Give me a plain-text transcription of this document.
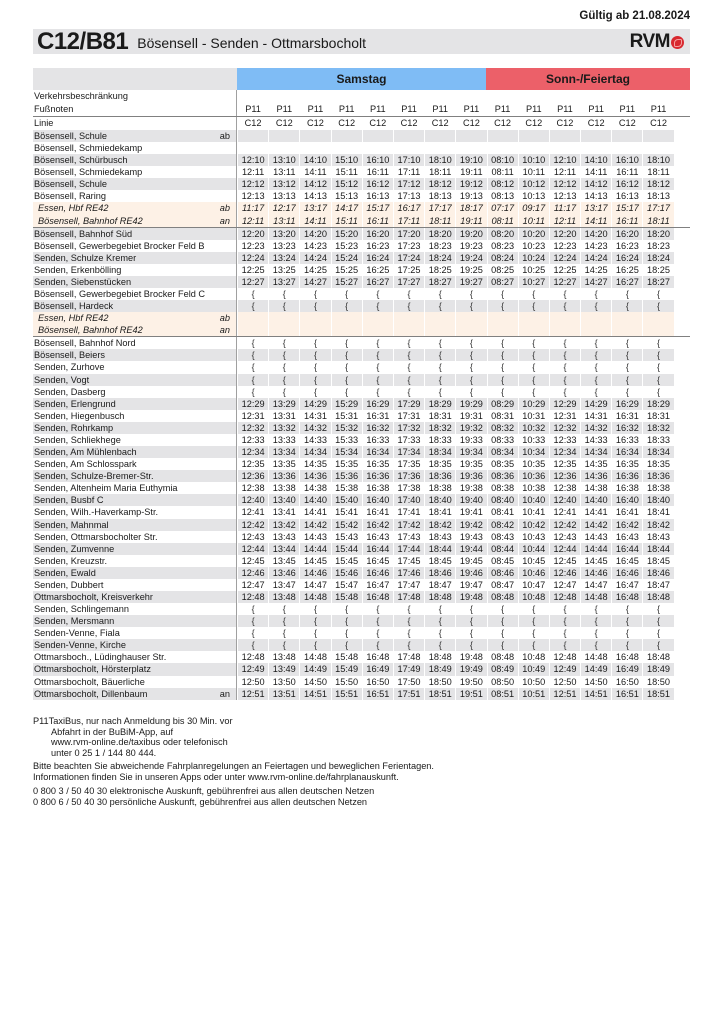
Gültig ab 21.08.2024
C12/B81 Bösensell - Senden - Ottmarsbocholt	RVM
Samstag	Sonn-/Feiertag
Verkehrsbeschränkung
Fußnoten	P11	P11	P11	P11	P11	P11	P11	P11	P11	P11	P11	P11	P11	P11
Linie	C12	C12	C12	C12	C12	C12	C12	C12	C12	C12	C12	C12	C12	C12
Bösensell, Schule	ab
Bösensell, Schmiedekamp
Bösensell, Schürbusch	12:10 13:10 14:10 15:10 16:10 17:10 18:10 19:10 08:10 10:10 12:10 14:10 16:10 18:10
Bösensell, Schmiedekamp	12:11 13:11 14:11 15:11 16:11 17:11 18:11 19:11 08:11 10:11 12:11 14:11 16:11 18:11
Bösensell, Schule	12:12 13:12 14:12 15:12 16:12 17:12 18:12 19:12 08:12 10:12 12:12 14:12 16:12 18:12
Bösensell, Raring	12:13 13:13 14:13 15:13 16:13 17:13 18:13 19:13 08:13 10:13 12:13 14:13 16:13 18:13
Essen, Hbf RE42	ab	11:17 12:17 13:17 14:17 15:17 16:17 17:17 18:17 07:17 09:17 11:17 13:17 15:17 17:17
Bösensell, Bahnhof RE42	an	12:11 13:11 14:11 15:11 16:11 17:11 18:11 19:11 08:11 10:11 12:11 14:11 16:11 18:11
Bösensell, Bahnhof Süd	12:20 13:20 14:20 15:20 16:20 17:20 18:20 19:20 08:20 10:20 12:20 14:20 16:20 18:20
Bösensell, Gewerbegebiet Brocker Feld B	12:23 13:23 14:23 15:23 16:23 17:23 18:23 19:23 08:23 10:23 12:23 14:23 16:23 18:23
Senden, Schulze Kremer	12:24 13:24 14:24 15:24 16:24 17:24 18:24 19:24 08:24 10:24 12:24 14:24 16:24 18:24
Senden, Erkenbölling	12:25 13:25 14:25 15:25 16:25 17:25 18:25 19:25 08:25 10:25 12:25 14:25 16:25 18:25
Senden, Siebenstücken	12:27 13:27 14:27 15:27 16:27 17:27 18:27 19:27 08:27 10:27 12:27 14:27 16:27 18:27
Bösensell, Gewerbegebiet Brocker Feld C	{	{	{	{	{	{	{	{	{	{	{	{	{	{
Bösensell, Hardeck	{	{	{	{	{	{	{	{	{	{	{	{	{	{
Essen, Hbf RE42	ab
Bösensell, Bahnhof RE42	an
Bösensell, Bahnhof Nord	{	{	{	{	{	{	{	{	{	{	{	{	{	{
Bösensell, Beiers	{	{	{	{	{	{	{	{	{	{	{	{	{	{
Senden, Zurhove	{	{	{	{	{	{	{	{	{	{	{	{	{	{
Senden, Vogt	{	{	{	{	{	{	{	{	{	{	{	{	{	{
Senden, Dasberg	{	{	{	{	{	{	{	{	{	{	{	{	{	{
Senden, Erlengrund	12:29 13:29 14:29 15:29 16:29 17:29 18:29 19:29 08:29 10:29 12:29 14:29 16:29 18:29
Senden, Hiegenbusch	12:31 13:31 14:31 15:31 16:31 17:31 18:31 19:31 08:31 10:31 12:31 14:31 16:31 18:31
Senden, Rohrkamp	12:32 13:32 14:32 15:32 16:32 17:32 18:32 19:32 08:32 10:32 12:32 14:32 16:32 18:32
Senden, Schliekhege	12:33 13:33 14:33 15:33 16:33 17:33 18:33 19:33 08:33 10:33 12:33 14:33 16:33 18:33
Senden, Am Mühlenbach	12:34 13:34 14:34 15:34 16:34 17:34 18:34 19:34 08:34 10:34 12:34 14:34 16:34 18:34
Senden, Am Schlosspark	12:35 13:35 14:35 15:35 16:35 17:35 18:35 19:35 08:35 10:35 12:35 14:35 16:35 18:35
Senden, Schulze-Bremer-Str.	12:36 13:36 14:36 15:36 16:36 17:36 18:36 19:36 08:36 10:36 12:36 14:36 16:36 18:36
Senden, Altenheim Maria Euthymia	12:38 13:38 14:38 15:38 16:38 17:38 18:38 19:38 08:38 10:38 12:38 14:38 16:38 18:38
Senden, Busbf C	12:40 13:40 14:40 15:40 16:40 17:40 18:40 19:40 08:40 10:40 12:40 14:40 16:40 18:40
Senden, Wilh.-Haverkamp-Str.	12:41 13:41 14:41 15:41 16:41 17:41 18:41 19:41 08:41 10:41 12:41 14:41 16:41 18:41
Senden, Mahnmal	12:42 13:42 14:42 15:42 16:42 17:42 18:42 19:42 08:42 10:42 12:42 14:42 16:42 18:42
Senden, Ottmarsbocholter Str.	12:43 13:43 14:43 15:43 16:43 17:43 18:43 19:43 08:43 10:43 12:43 14:43 16:43 18:43
Senden, Zumvenne	12:44 13:44 14:44 15:44 16:44 17:44 18:44 19:44 08:44 10:44 12:44 14:44 16:44 18:44
Senden, Kreuzstr.	12:45 13:45 14:45 15:45 16:45 17:45 18:45 19:45 08:45 10:45 12:45 14:45 16:45 18:45
Senden, Ewald	12:46 13:46 14:46 15:46 16:46 17:46 18:46 19:46 08:46 10:46 12:46 14:46 16:46 18:46
Senden, Dubbert	12:47 13:47 14:47 15:47 16:47 17:47 18:47 19:47 08:47 10:47 12:47 14:47 16:47 18:47
Ottmarsbocholt, Kreisverkehr	12:48 13:48 14:48 15:48 16:48 17:48 18:48 19:48 08:48 10:48 12:48 14:48 16:48 18:48
Senden, Schlingemann	{	{	{	{	{	{	{	{	{	{	{	{	{	{
Senden, Mersmann	{	{	{	{	{	{	{	{	{	{	{	{	{	{
Senden-Venne, Fiala	{	{	{	{	{	{	{	{	{	{	{	{	{	{
Senden-Venne, Kirche	{	{	{	{	{	{	{	{	{	{	{	{	{	{
Ottmarsboch., Lüdinghauser Str.	12:48 13:48 14:48 15:48 16:48 17:48 18:48 19:48 08:48 10:48 12:48 14:48 16:48 18:48
Ottmarsbocholt, Hörsterplatz	12:49 13:49 14:49 15:49 16:49 17:49 18:49 19:49 08:49 10:49 12:49 14:49 16:49 18:49
Ottmarsbocholt, Bäuerliche	12:50 13:50 14:50 15:50 16:50 17:50 18:50 19:50 08:50 10:50 12:50 14:50 16:50 18:50
Ottmarsbocholt, Dillenbaum	an	12:51 13:51 14:51 15:51 16:51 17:51 18:51 19:51 08:51 10:51 12:51 14:51 16:51 18:51
P11TaxiBus, nur nach Anmeldung bis 30 Min. vor
Abfahrt in der BuBiM-App, auf
www.rvm-online.de/taxibus oder telefonisch
unter 0 25 1 / 144 80 444.
Bitte beachten Sie abweichende Fahrplanregelungen an Feiertagen und beweglichen Ferientagen.
Informationen finden Sie in unseren Apps oder unter www.rvm-online.de/fahrplanauskunft.
0 800 3 / 50 40 30 elektronische Auskunft, gebührenfrei aus allen deutschen Netzen
0 800 6 / 50 40 30 persönliche Auskunft, gebührenfrei aus allen deutschen Netzen
